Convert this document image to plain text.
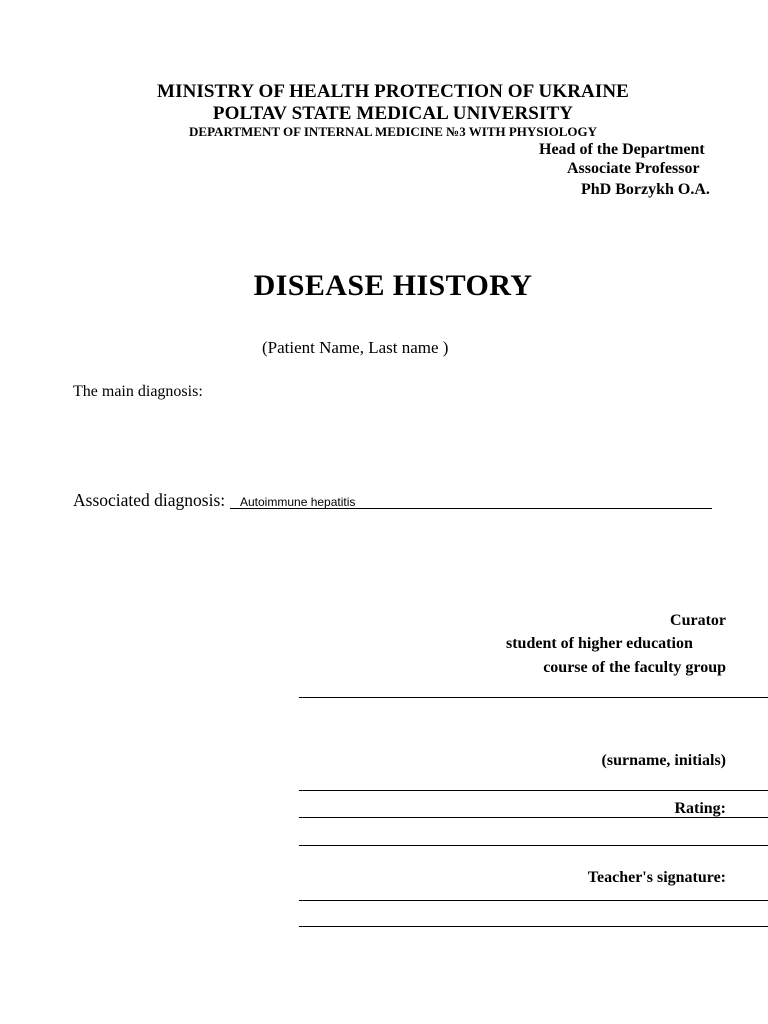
MINISTRY OF HEALTH PROTECTION OF UKRAINE
POLTAV STATE MEDICAL UNIVERSITY
DEPARTMENT OF INTERNAL MEDICINE №3 WITH PHYSIOLOGY
Head of the Department
Associate Professor
PhD Borzykh O.A.
DISEASE HISTORY
(Patient Name, Last name )
The main diagnosis:
Associated diagnosis: Autoimmune hepatitis
Curator
student of higher education
course of the faculty group
(surname, initials)
Rating:
Teacher's signature:
